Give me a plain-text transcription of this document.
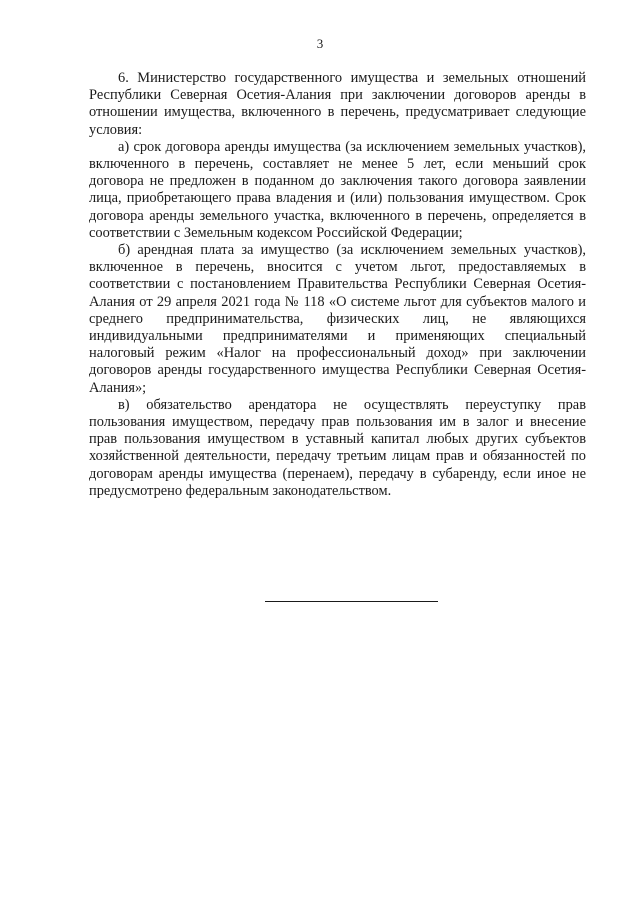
3

6. Министерство государственного имущества и земельных отношений Республики Северная Осетия-Алания при заключении договоров аренды в отношении имущества, включенного в перечень, предусматривает следующие условия:

а) срок договора аренды имущества (за исключением земельных участков), включенного в перечень, составляет не менее 5 лет, если меньший срок договора не предложен в поданном до заключения такого договора заявлении лица, приобретающего права владения и (или) пользования имуществом. Срок договора аренды земельного участка, включенного в перечень, определяется в соответствии с Земельным кодексом Российской Федерации;

б) арендная плата за имущество (за исключением земельных участков), включенное в перечень, вносится с учетом льгот, предоставляемых в соответствии с постановлением Правительства Республики Северная Осетия-Алания от 29 апреля 2021 года № 118 «О системе льгот для субъектов малого и среднего предпринимательства, физических лиц, не являющихся индивидуальными предпринимателями и применяющих специальный налоговый режим «Налог на профессиональный доход» при заключении договоров аренды государственного имущества Республики Северная Осетия-Алания»;

в) обязательство арендатора не осуществлять переуступку прав пользования имуществом, передачу прав пользования им в залог и внесение прав пользования имуществом в уставный капитал любых других субъектов хозяйственной деятельности, передачу третьим лицам прав и обязанностей по договорам аренды имущества (перенаем), передачу в субаренду, если иное не предусмотрено федеральным законодательством.
